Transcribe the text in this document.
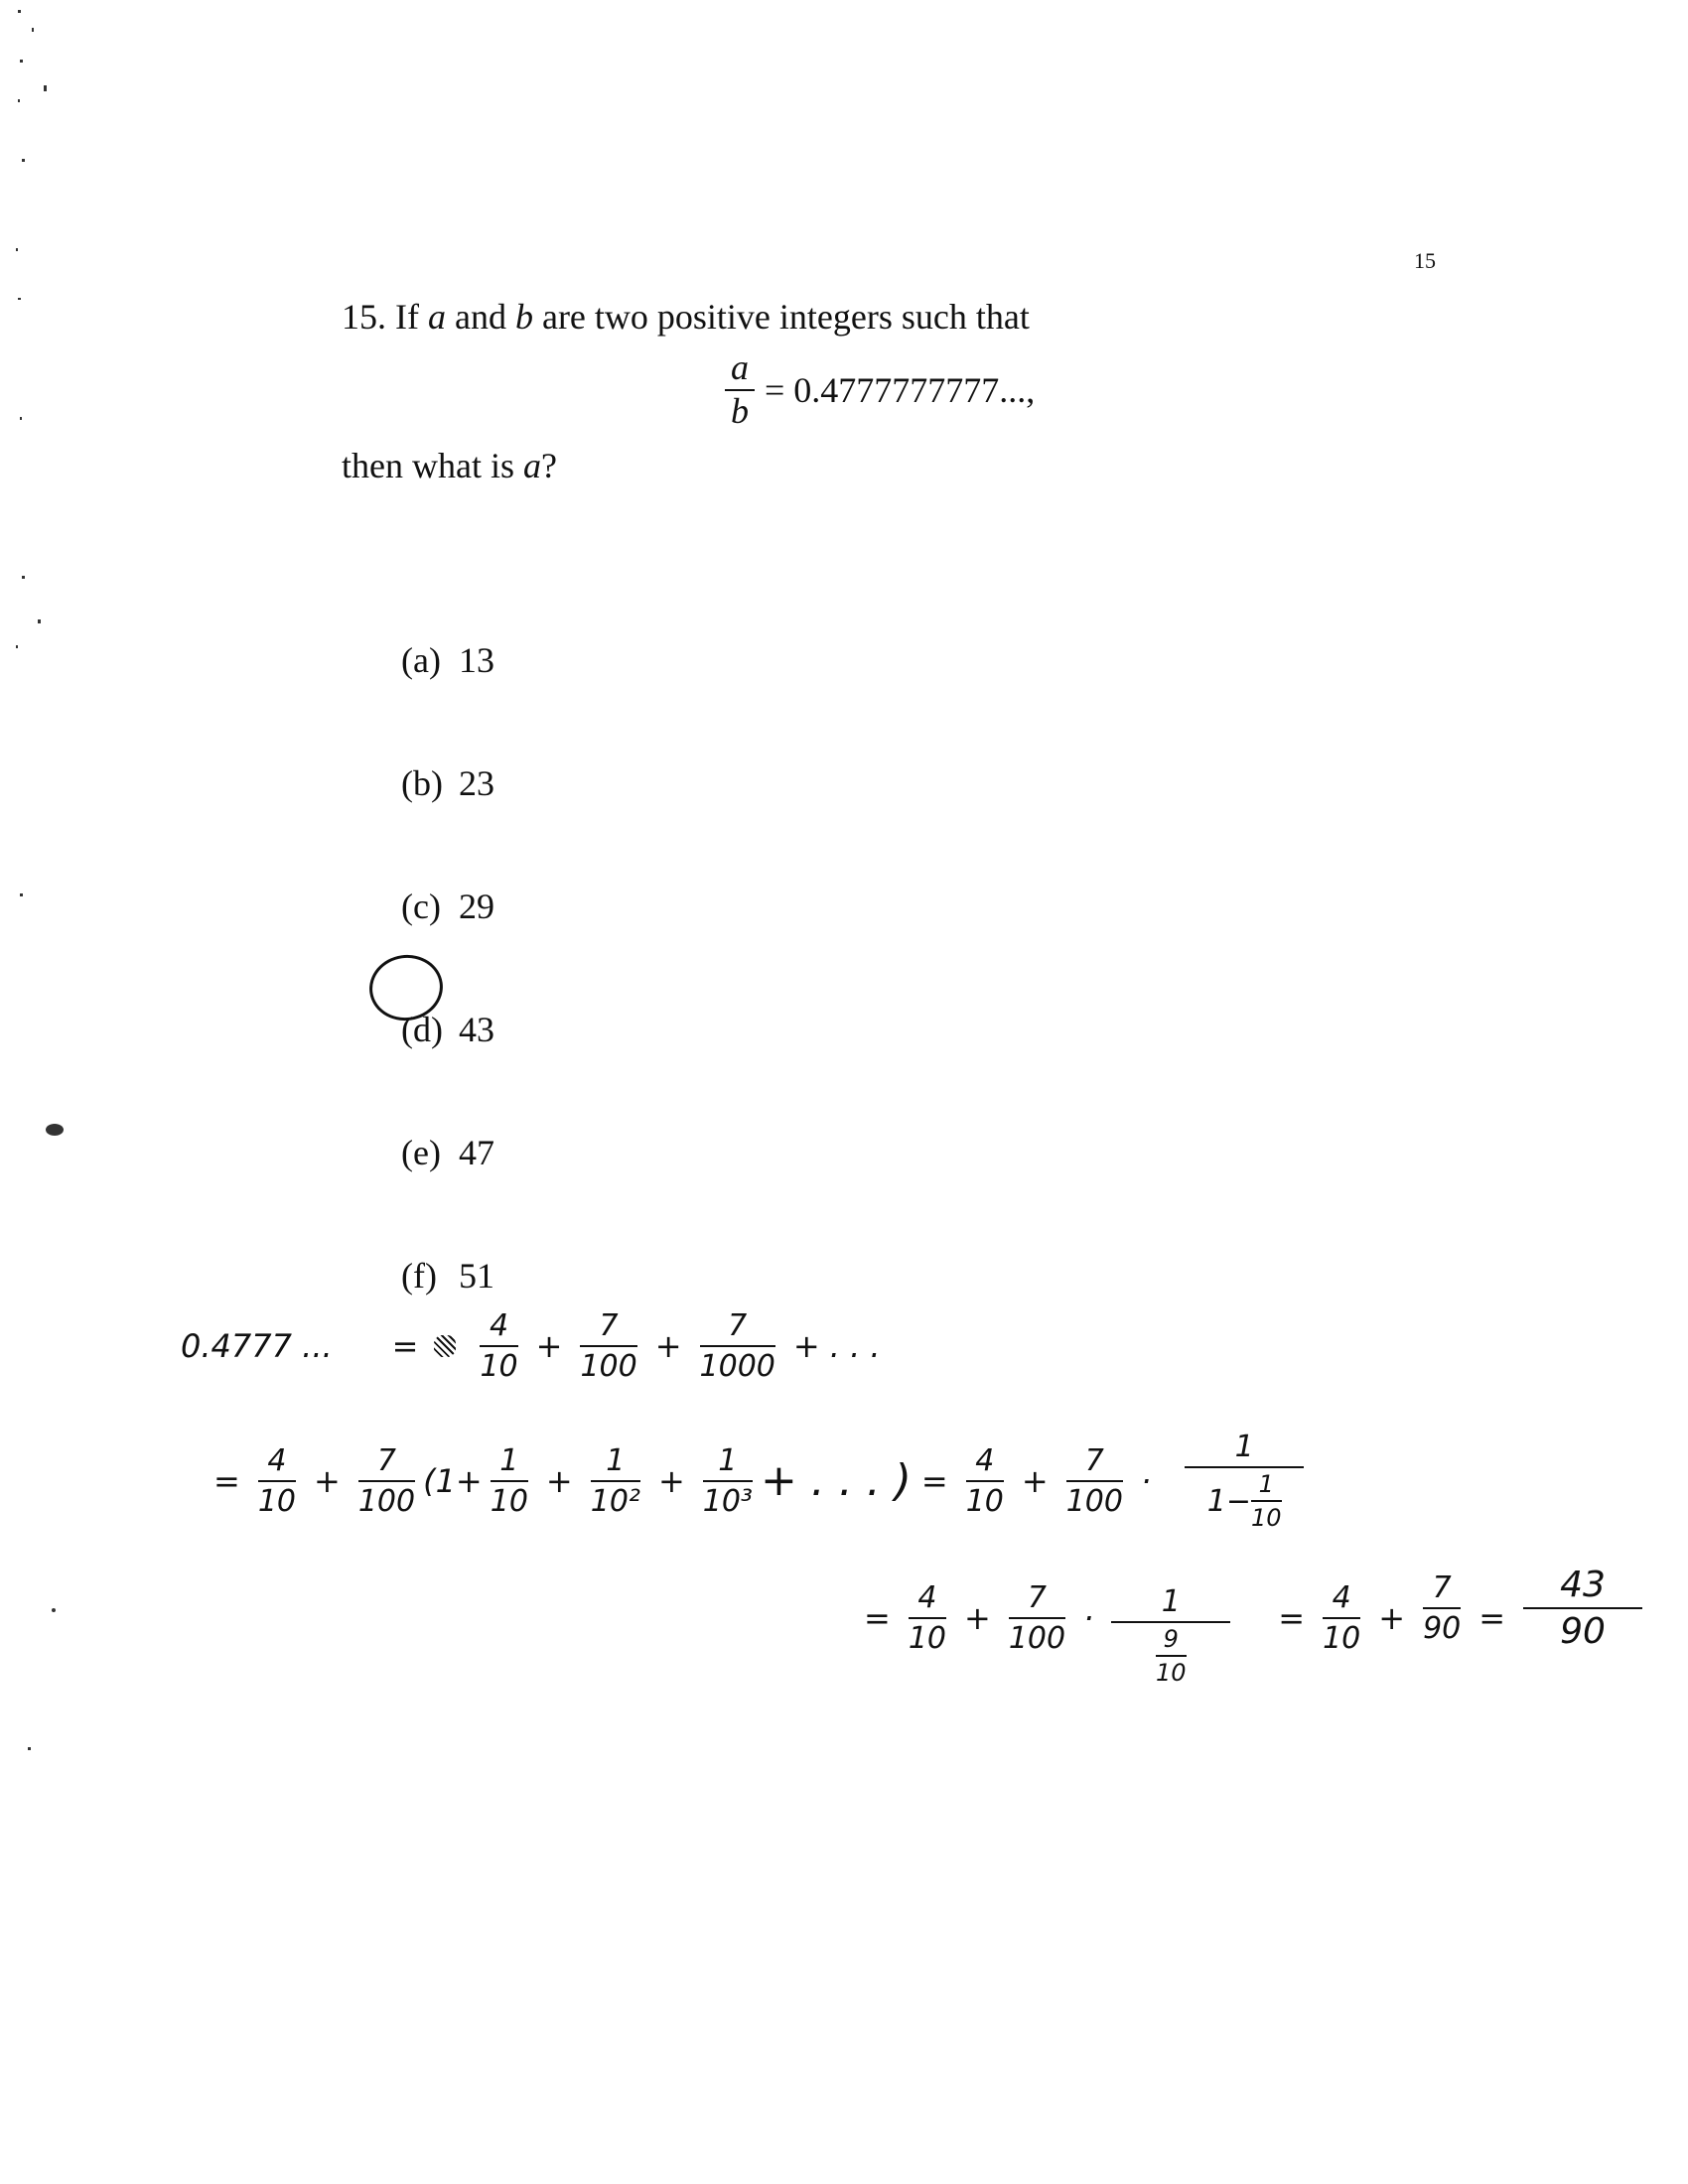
15
15. If a and b are two positive integers such that
$\frac{a}{b} = 0.4777777777$...,
then what is a?

(a) 13

(b) 23

(c) 29

(d) 43

(e) 47

(f) 51

0.4777 ... =
4
10
+
7
100
+
7
1000
+ . . .
=
4
10
+
7
100
(1+
1
10
+
1
10²
+
1
10³ + . . . ) =
4
10
+
7
100
·
1
1− 1
10
=
4
10
+
7
100
· 1
9
10
=
4
10
+
7
90 =
43
90
